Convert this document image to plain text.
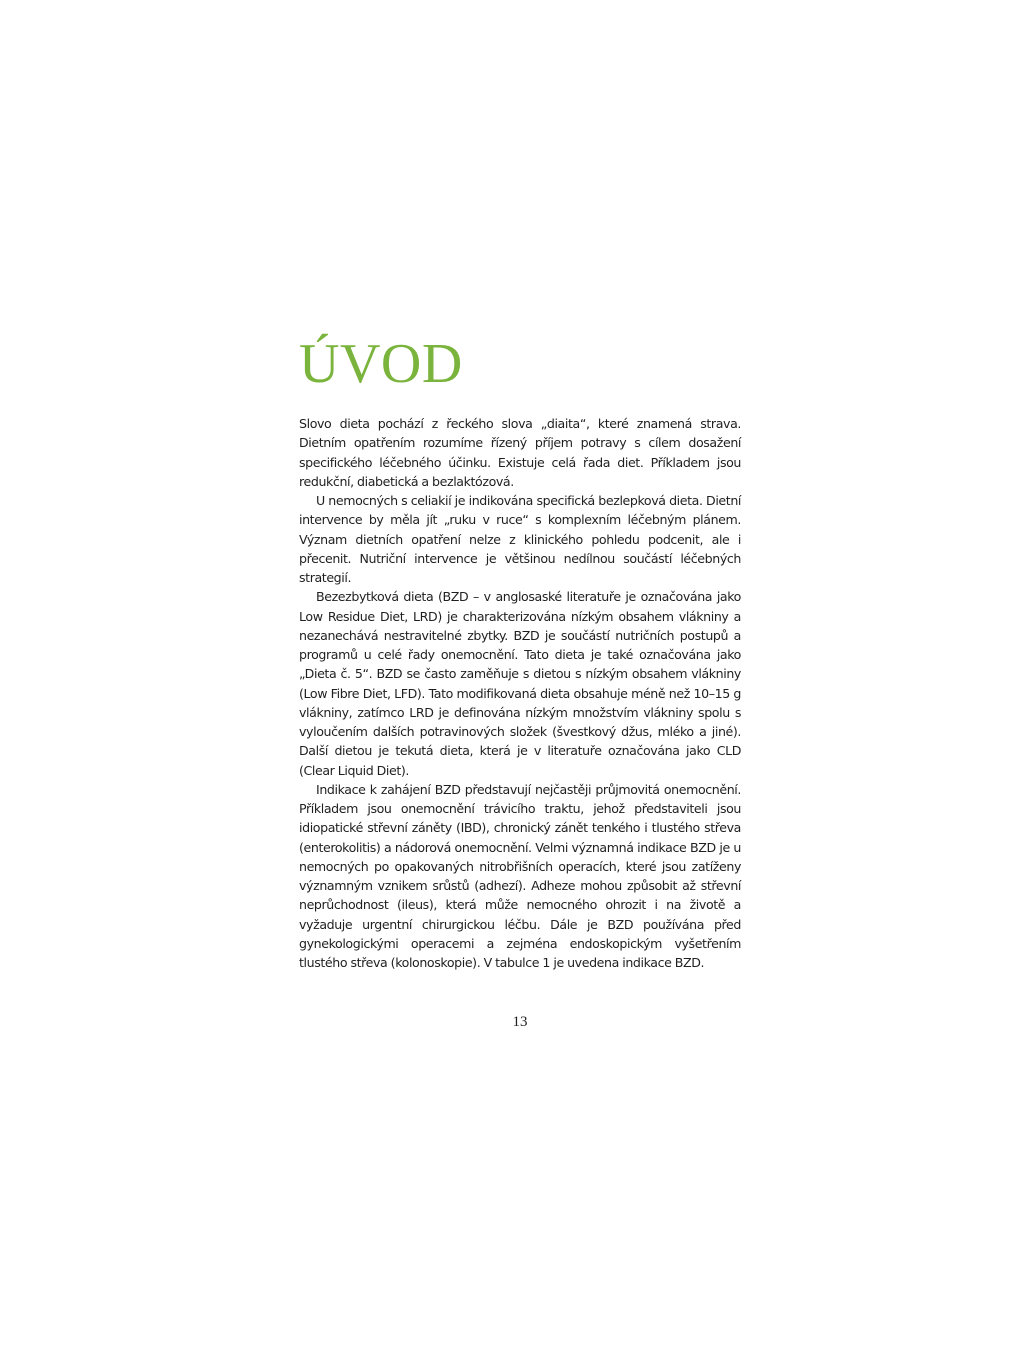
ÚVOD

Slovo dieta pochází z řeckého slova „diaita“, které znamená strava. Dietním opatřením rozumíme řízený příjem potravy s cílem dosažení specifického léčebného účinku. Existuje celá řada diet. Příkladem jsou redukční, diabetická a bezlaktózová.

U nemocných s celiakií je indikována specifická bezlepková dieta. Dietní intervence by měla jít „ruku v ruce“ s komplexním léčebným plánem. Význam dietních opatření nelze z klinického pohledu podcenit, ale i přecenit. Nutriční intervence je většinou nedílnou součástí léčebných strategií.

Bezezbytková dieta (BZD – v anglosaské literatuře je označována jako Low Residue Diet, LRD) je charakterizována nízkým obsahem vlákniny a nezanechává nestravitelné zbytky. BZD je součástí nutričních postupů a programů u celé řady onemocnění. Tato dieta je také označována jako „Dieta č. 5“. BZD se často zaměňuje s dietou s nízkým obsahem vlákniny (Low Fibre Diet, LFD). Tato modifikovaná dieta obsahuje méně než 10–15 g vlákniny, zatímco LRD je definována nízkým množstvím vlákniny spolu s vyloučením dalších potravinových složek (švestkový džus, mléko a jiné). Další dietou je tekutá dieta, která je v literatuře označována jako CLD (Clear Liquid Diet).

Indikace k zahájení BZD představují nejčastěji průjmovitá onemocnění. Příkladem jsou onemocnění trávicího traktu, jehož představiteli jsou idiopatické střevní záněty (IBD), chronický zánět tenkého i tlustého střeva (enterokolitis) a nádorová onemocnění. Velmi významná indikace BZD je u nemocných po opakovaných nitrobřišních operacích, které jsou zatíženy významným vznikem srůstů (adhezí). Adheze mohou způsobit až střevní neprůchodnost (ileus), která může nemocného ohrozit i na životě a vyžaduje urgentní chirurgickou léčbu. Dále je BZD používána před gynekologickými operacemi a zejména endoskopickým vyšetřením tlustého střeva (kolonoskopie). V tabulce 1 je uvedena indikace BZD.

13
